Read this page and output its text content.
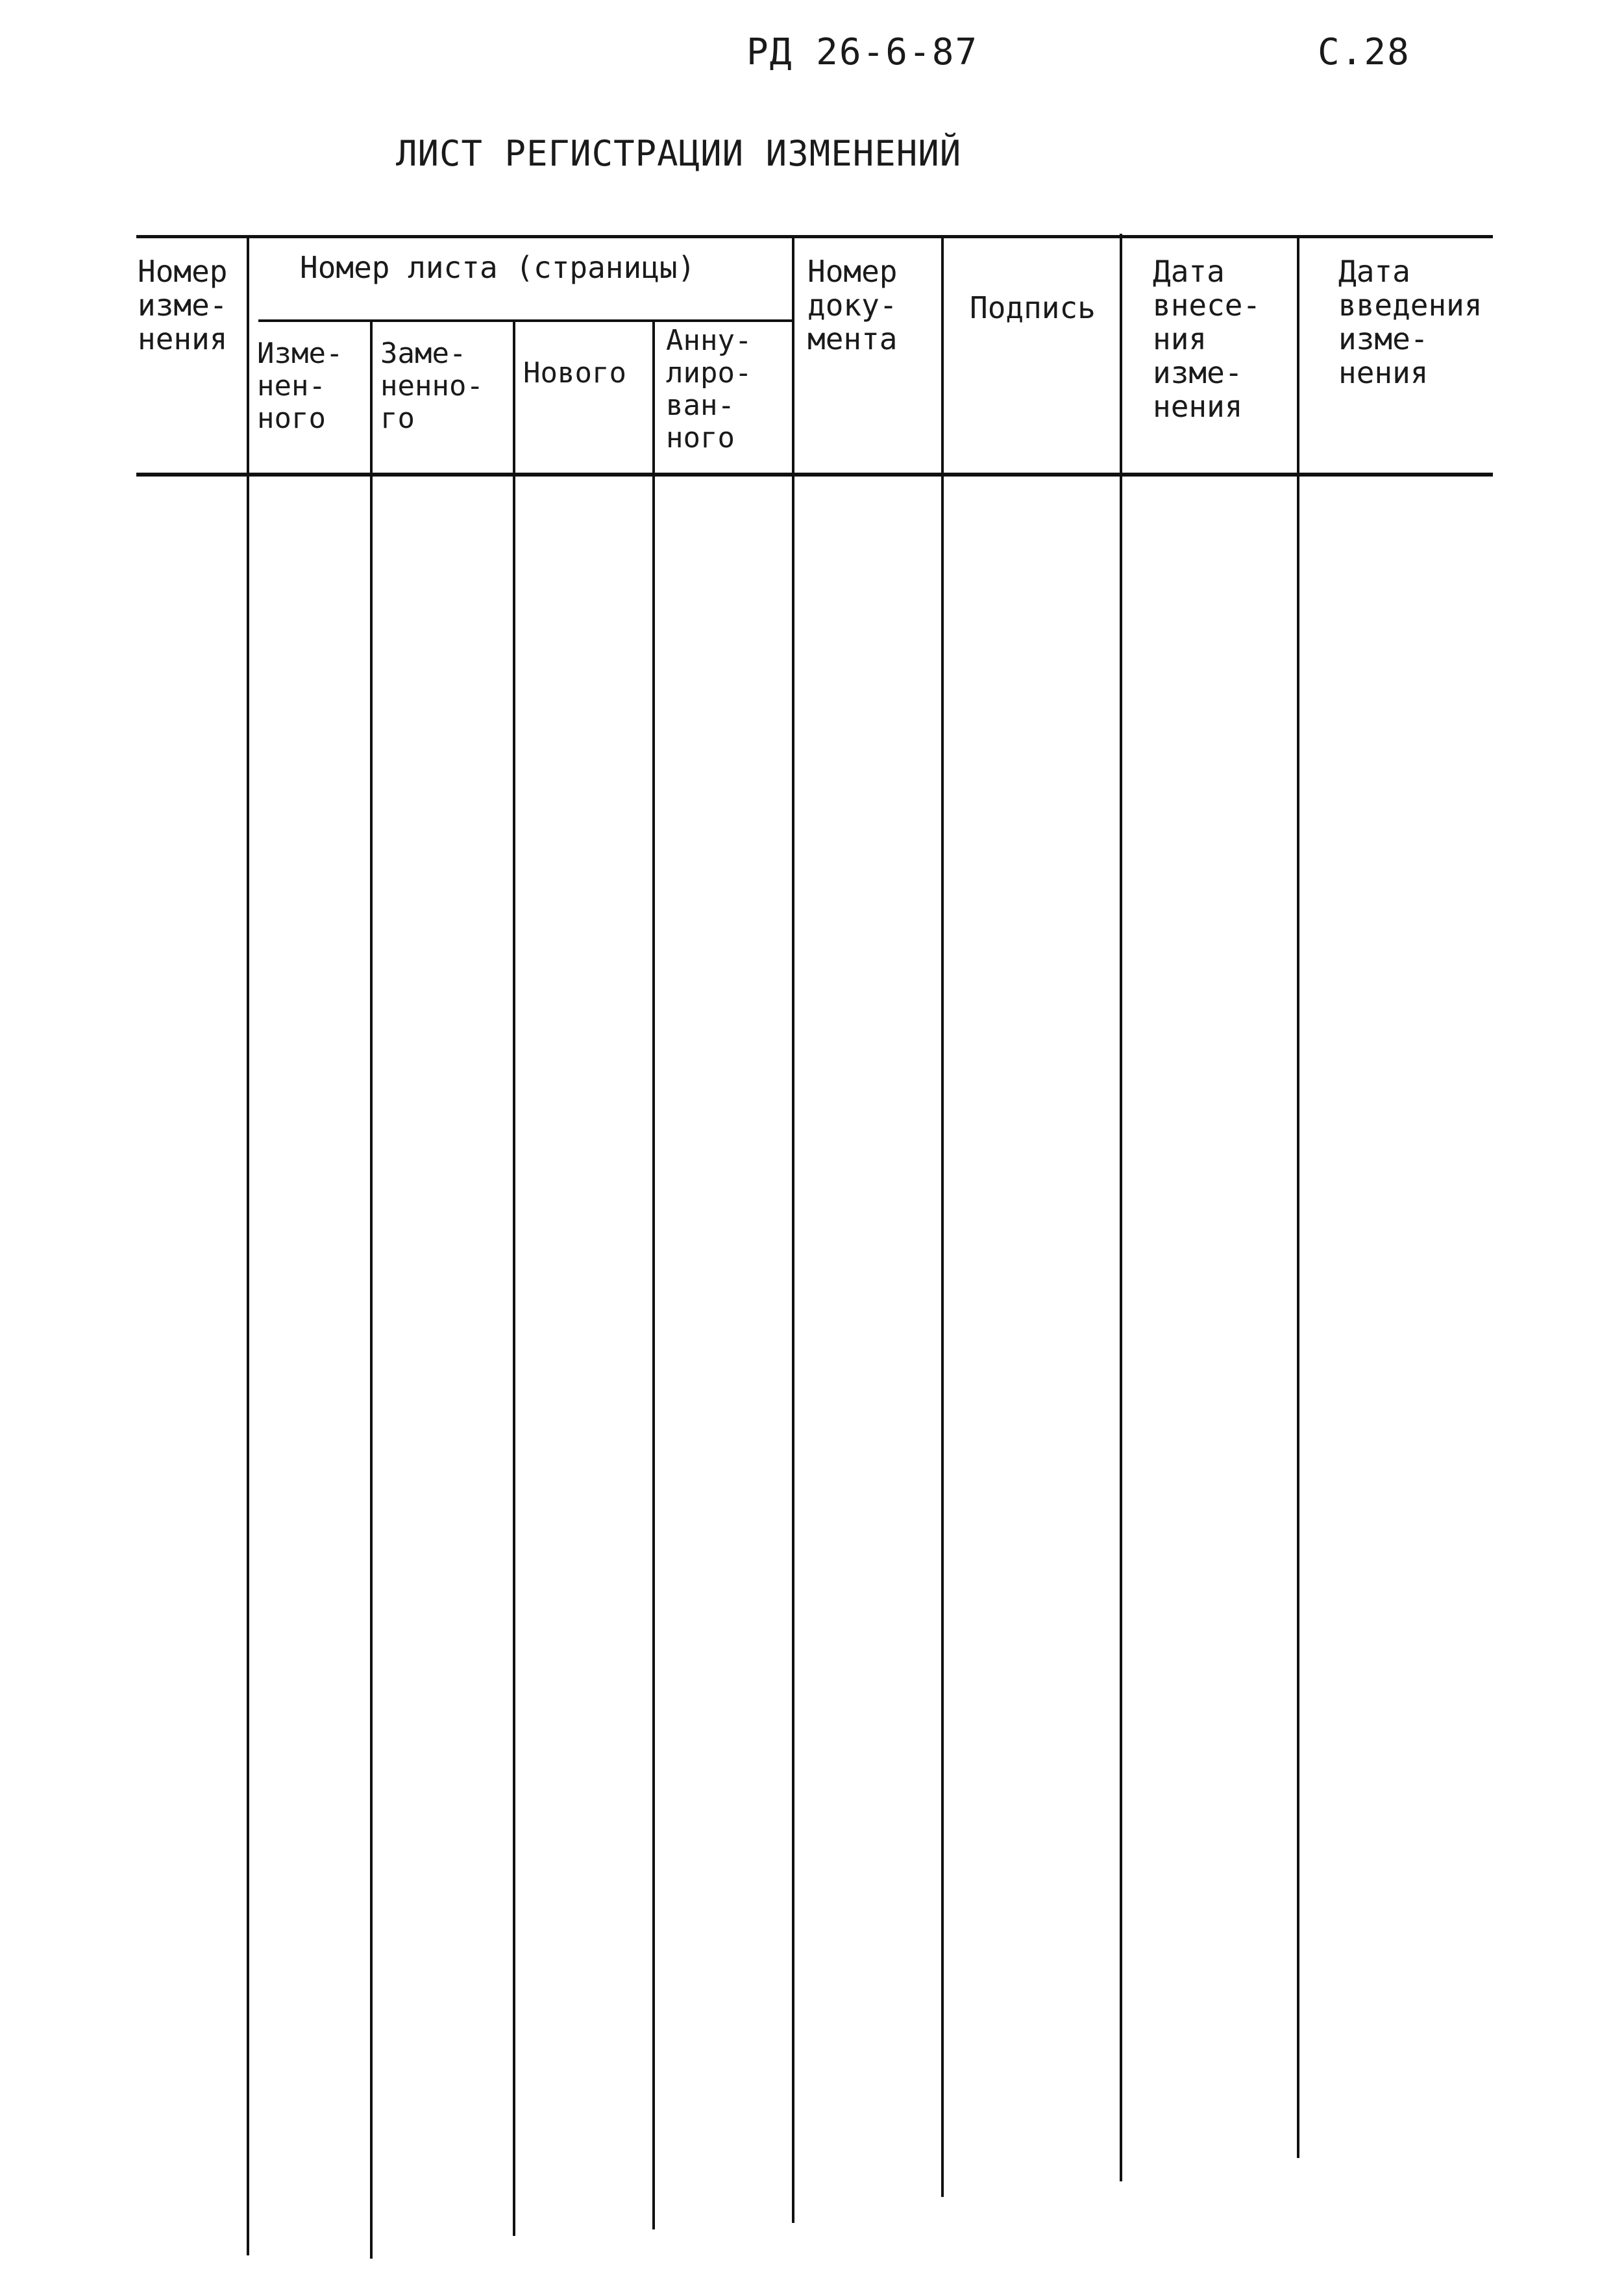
РД 26-6-87	С.28
ЛИСТ РЕГИСТРАЦИИ ИЗМЕНЕНИЙ
Номер
изме-
нения
Номер листа (страницы)
Изме-
нен-
ного
Заме-
ненно-
го
Нового
Анну-
лиро-
ван-
ного
Номер
доку-
мента
Подпись
Дата
внесе-
ния
изме-
нения
Дата
введения
изме-
нения
